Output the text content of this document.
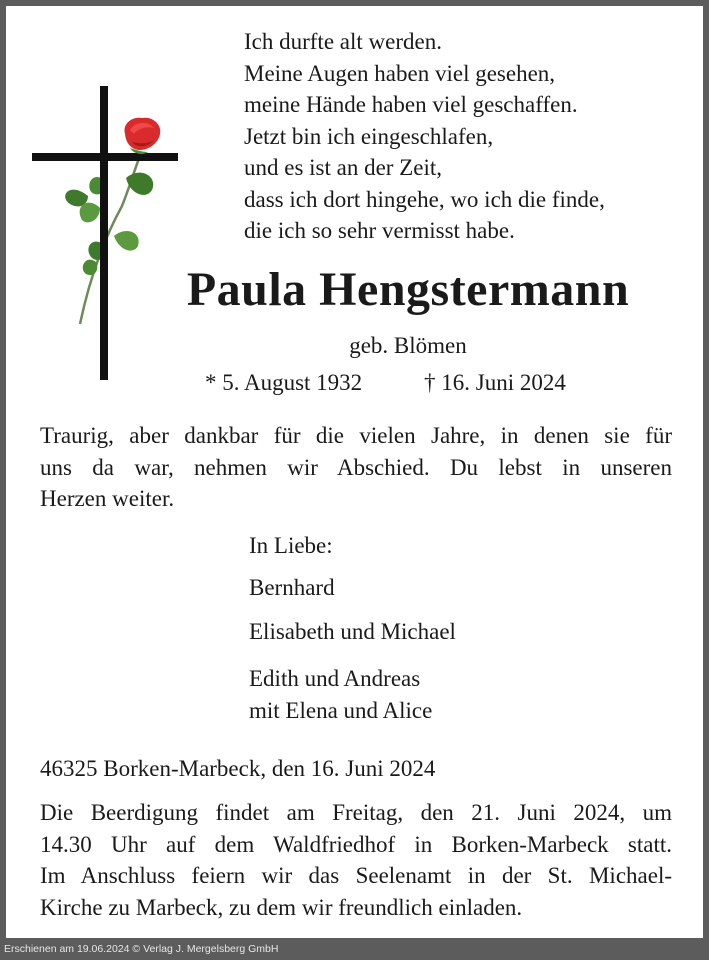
Ich durfte alt werden.
Meine Augen haben viel gesehen,
meine Hände haben viel geschaffen.
Jetzt bin ich eingeschlafen,
und es ist an der Zeit,
dass ich dort hingehe, wo ich die finde,
die ich so sehr vermisst habe.
Paula Hengstermann
geb. Blömen
* 5. August 1932	† 16. Juni 2024
Traurig, aber dankbar für die vielen Jahre, in denen sie für
uns da war, nehmen wir Abschied. Du lebst in unseren
Herzen weiter.
In Liebe:
Bernhard
Elisabeth und Michael
Edith und Andreas
mit Elena und Alice
46325 Borken-Marbeck, den 16. Juni 2024
Die Beerdigung findet am Freitag, den 21. Juni 2024, um
14.30 Uhr auf dem Waldfriedhof in Borken-Marbeck statt.
Im Anschluss feiern wir das Seelenamt in der St. Michael-
Kirche zu Marbeck, zu dem wir freundlich einladen.
Erschienen am 19.06.2024 © Verlag J. Mergelsberg GmbH
